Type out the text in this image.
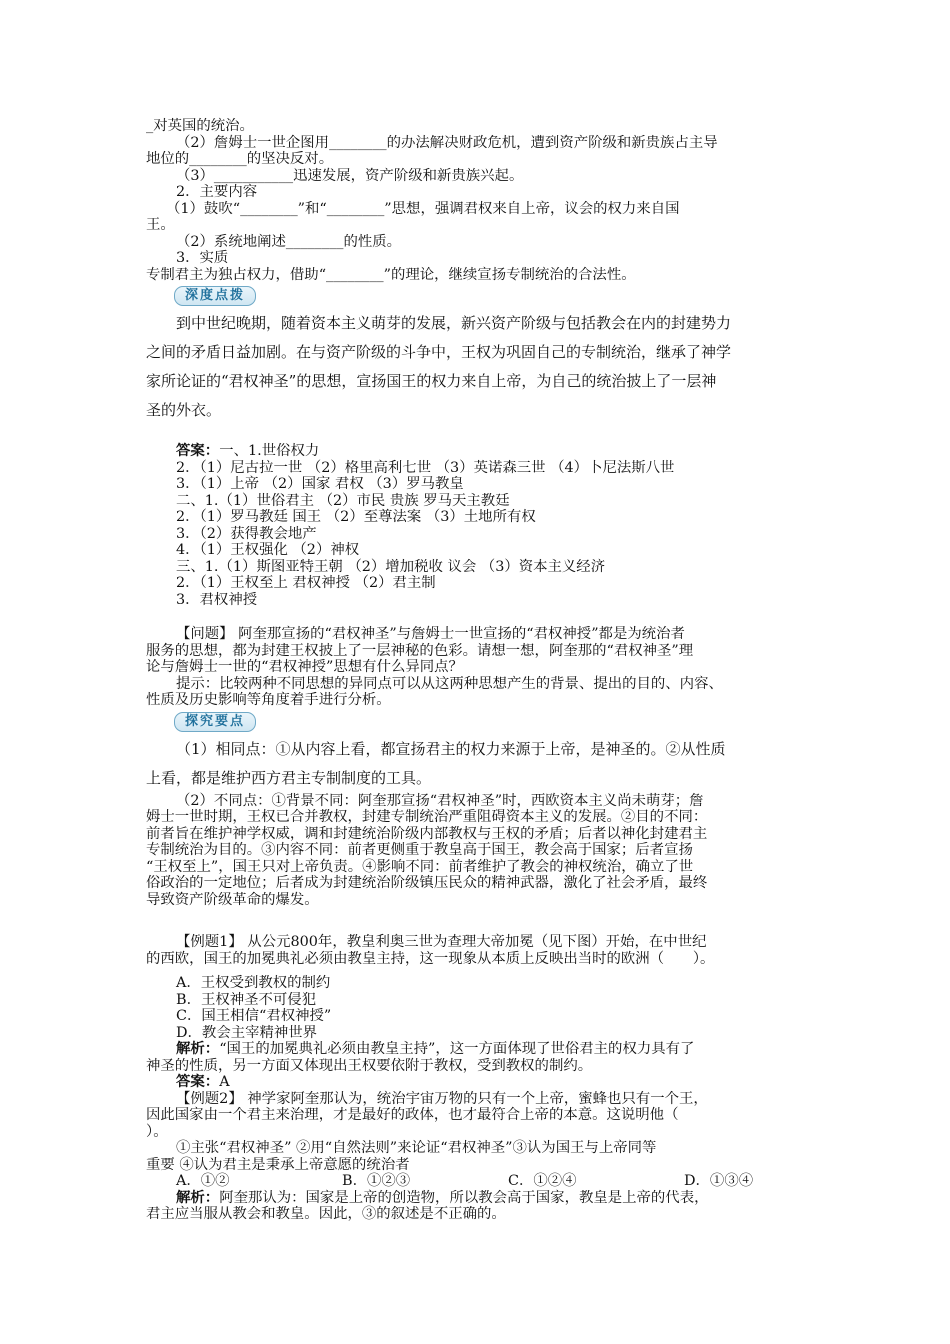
_对英国的统治。
（2）詹姆士一世企图用________的办法解决财政危机，遭到资产阶级和新贵族占主导
地位的________的坚决反对。
（3）___________迅速发展，资产阶级和新贵族兴起。
2．主要内容
（1）鼓吹“________”和“________”思想，强调君权来自上帝，议会的权力来自国
王。
（2）系统地阐述________的性质。
3．实质
专制君主为独占权力，借助“________”的理论，继续宣扬专制统治的合法性。
深度点拨
到中世纪晚期，随着资本主义萌芽的发展，新兴资产阶级与包括教会在内的封建势力
之间的矛盾日益加剧。在与资产阶级的斗争中，王权为巩固自己的专制统治，继承了神学
家所论证的“君权神圣”的思想，宣扬国王的权力来自上帝，为自己的统治披上了一层神
圣的外衣。
答案：一、1.世俗权力
2．（1）尼古拉一世 （2）格里高利七世 （3）英诺森三世 （4）卜尼法斯八世
3．（1）上帝 （2）国家 君权 （3）罗马教皇
二、1.（1）世俗君主 （2）市民 贵族 罗马天主教廷
2．（1）罗马教廷 国王 （2）至尊法案 （3）土地所有权
3．（2）获得教会地产
4．（1）王权强化 （2）神权
三、1.（1）斯图亚特王朝 （2）增加税收 议会 （3）资本主义经济
2．（1）王权至上 君权神授 （2）君主制
3．君权神授
【问题】 阿奎那宣扬的“君权神圣”与詹姆士一世宣扬的“君权神授”都是为统治者
服务的思想，都为封建王权披上了一层神秘的色彩。请想一想，阿奎那的“君权神圣”理
论与詹姆士一世的“君权神授”思想有什么异同点？
提示：比较两种不同思想的异同点可以从这两种思想产生的背景、提出的目的、内容、
性质及历史影响等角度着手进行分析。
探究要点
（1）相同点：①从内容上看，都宣扬君主的权力来源于上帝，是神圣的。②从性质
上看，都是维护西方君主专制制度的工具。
（2）不同点：①背景不同：阿奎那宣扬“君权神圣”时，西欧资本主义尚未萌芽；詹
姆士一世时期，王权已合并教权，封建专制统治严重阻碍资本主义的发展。②目的不同：
前者旨在维护神学权威，调和封建统治阶级内部教权与王权的矛盾；后者以神化封建君主
专制统治为目的。③内容不同：前者更侧重于教皇高于国王，教会高于国家；后者宣扬
“王权至上”，国王只对上帝负责。④影响不同：前者维护了教会的神权统治，确立了世
俗政治的一定地位；后者成为封建统治阶级镇压民众的精神武器，激化了社会矛盾，最终
导致资产阶级革命的爆发。
【例题1】 从公元800年，教皇利奥三世为查理大帝加冕（见下图）开始，在中世纪
的西欧，国王的加冕典礼必须由教皇主持，这一现象从本质上反映出当时的欧洲（　　）。
A．王权受到教权的制约
B．王权神圣不可侵犯
C．国王相信“君权神授”
D．教会主宰精神世界
解析：“国王的加冕典礼必须由教皇主持”，这一方面体现了世俗君主的权力具有了
神圣的性质，另一方面又体现出王权要依附于教权，受到教权的制约。
答案：A
【例题2】 神学家阿奎那认为，统治宇宙万物的只有一个上帝，蜜蜂也只有一个王，
因此国家由一个君主来治理，才是最好的政体，也才最符合上帝的本意。这说明他（
）。
①主张“君权神圣” ②用“自然法则”来论证“君权神圣”③认为国王与上帝同等
重要 ④认为君主是秉承上帝意愿的统治者
A．①②	B．①②③	C．①②④	D．①③④
解析：阿奎那认为：国家是上帝的创造物，所以教会高于国家，教皇是上帝的代表，
君主应当服从教会和教皇。因此，③的叙述是不正确的。
